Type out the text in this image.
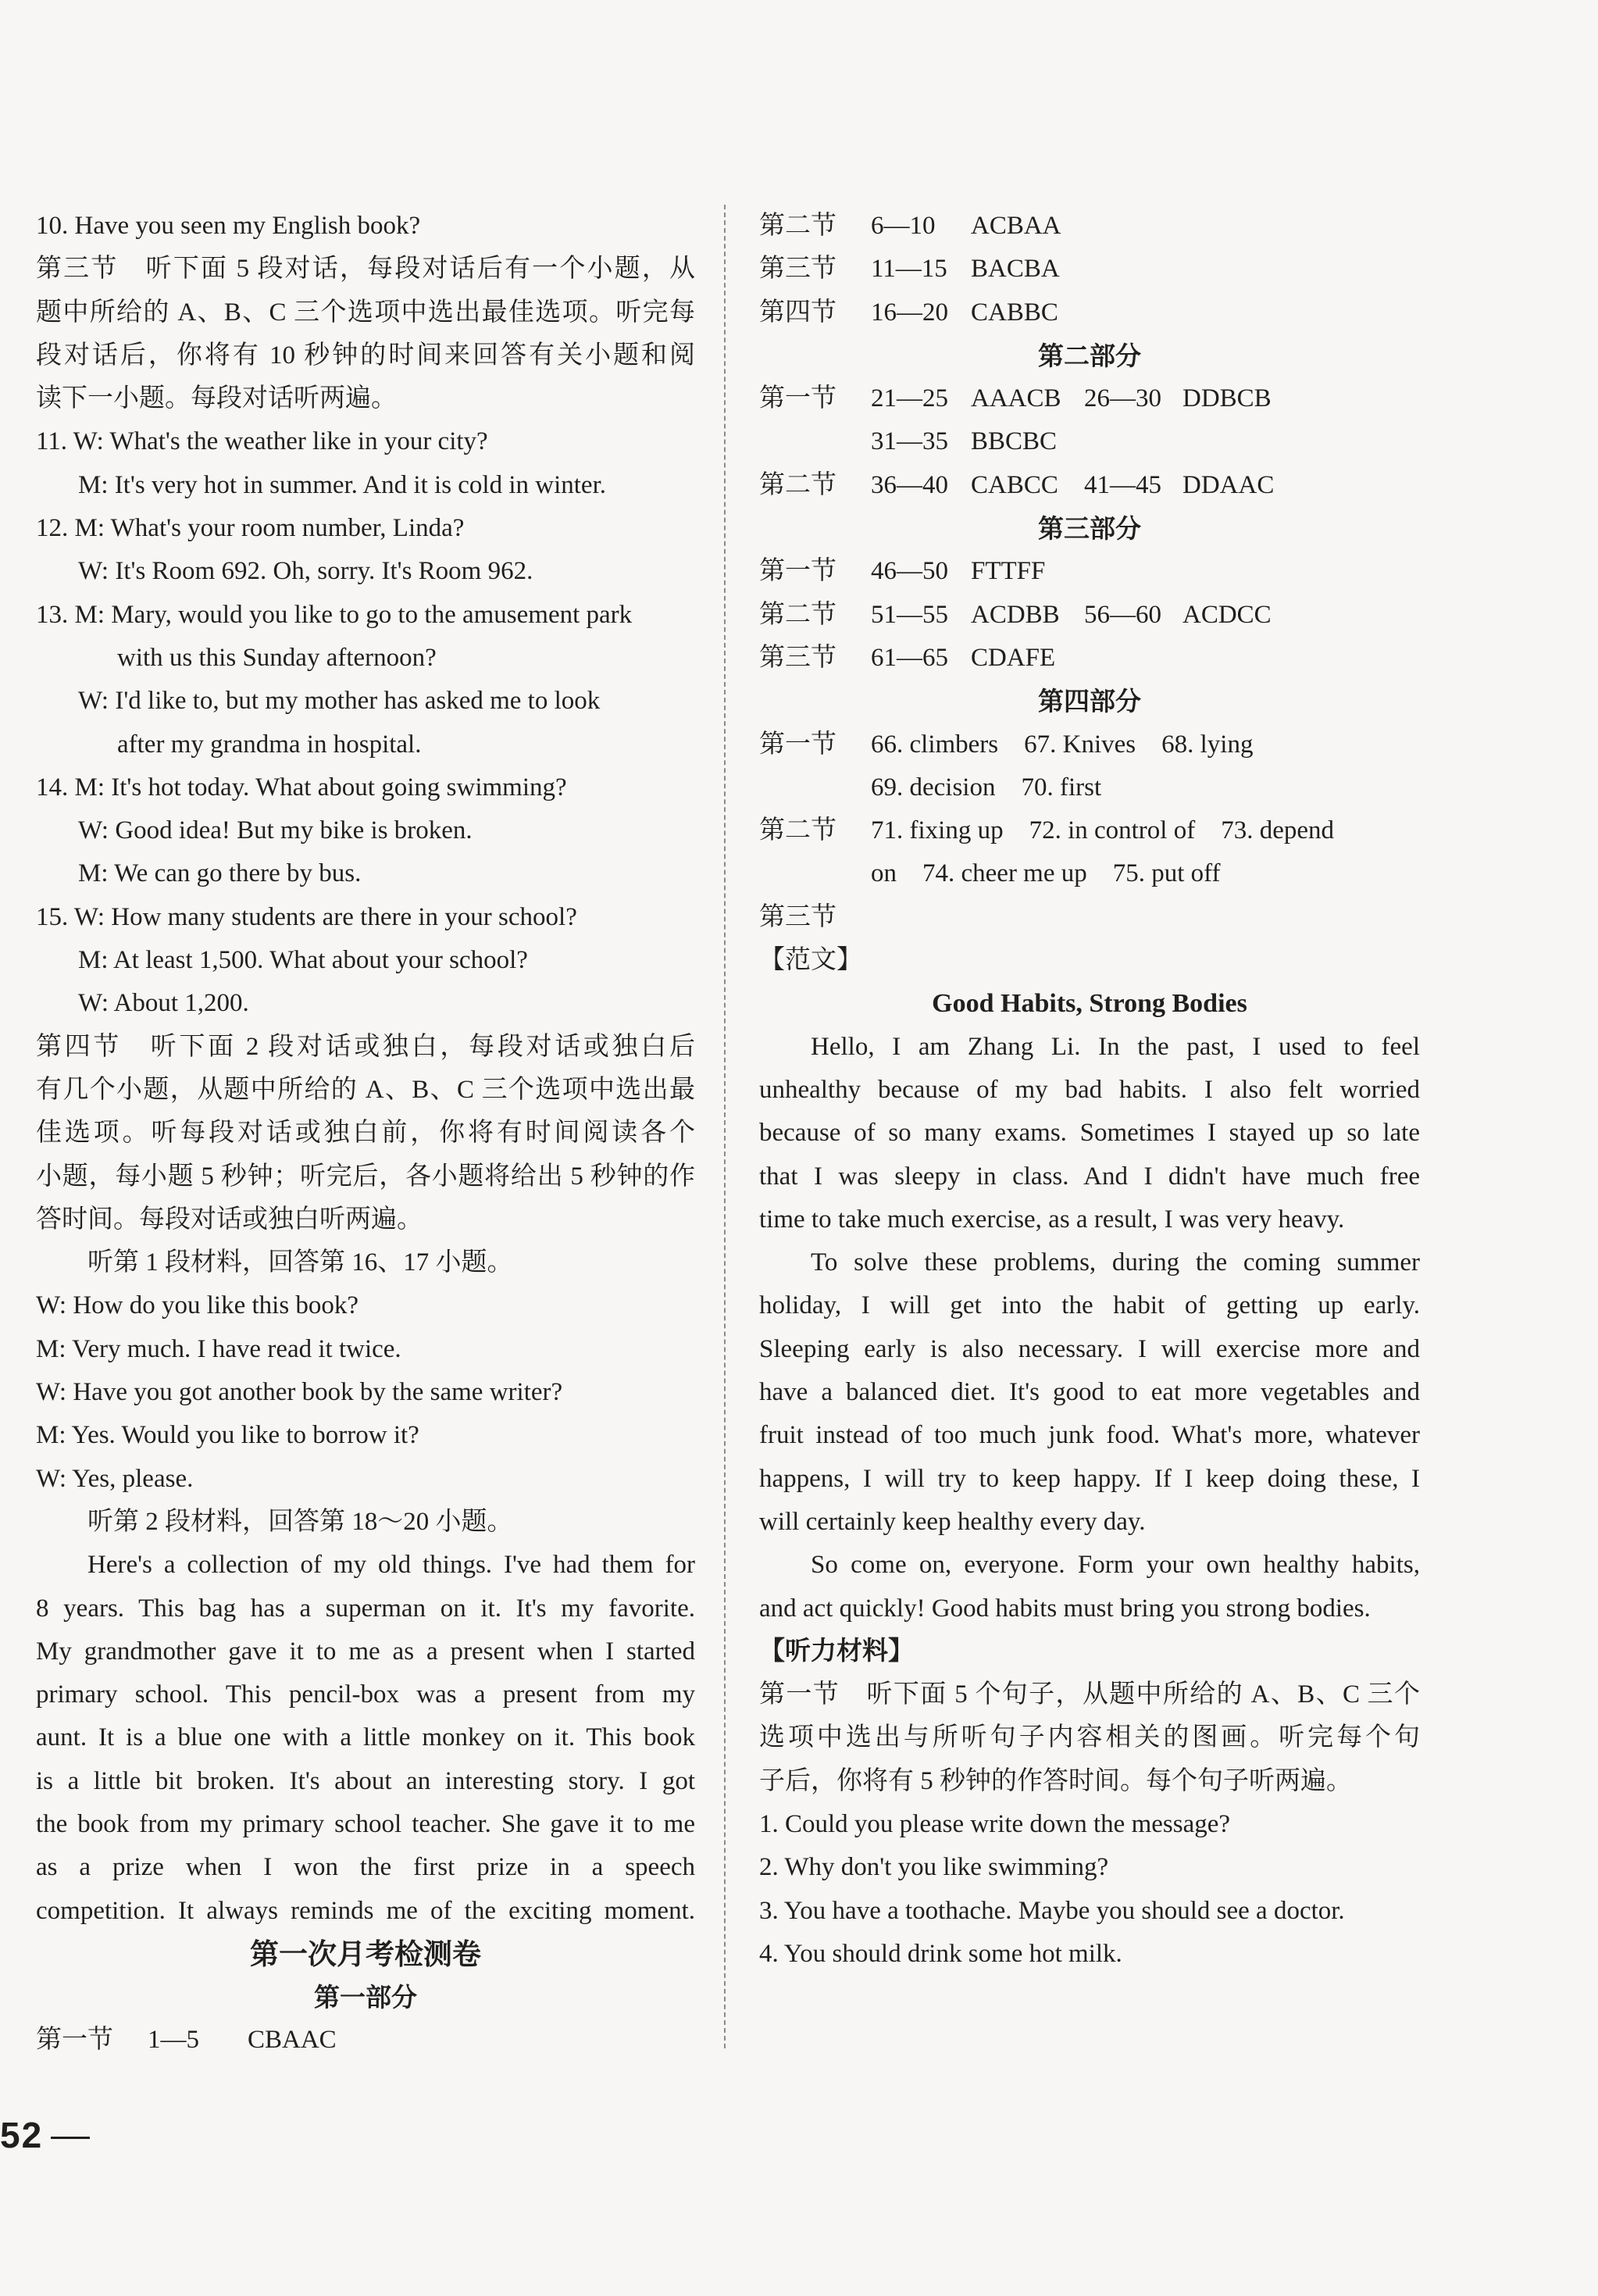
10. Have you seen my English book?
第三节　听下面 5 段对话，每段对话后有一个小题，从
题中所给的 A、B、C 三个选项中选出最佳选项。听完每
段对话后，你将有 10 秒钟的时间来回答有关小题和阅
读下一小题。每段对话听两遍。
11. W: What's the weather like in your city?
M: It's very hot in summer. And it is cold in winter.
12. M: What's your room number, Linda?
W: It's Room 692. Oh, sorry. It's Room 962.
13. M: Mary, would you like to go to the amusement park
with us this Sunday afternoon?
W: I'd like to, but my mother has asked me to look
after my grandma in hospital.
14. M: It's hot today. What about going swimming?
W: Good idea! But my bike is broken.
M: We can go there by bus.
15. W: How many students are there in your school?
M: At least 1,500. What about your school?
W: About 1,200.
第四节　听下面 2 段对话或独白，每段对话或独白后
有几个小题，从题中所给的 A、B、C 三个选项中选出最
佳选项。听每段对话或独白前，你将有时间阅读各个
小题，每小题 5 秒钟；听完后，各小题将给出 5 秒钟的作
答时间。每段对话或独白听两遍。
听第 1 段材料，回答第 16、17 小题。
W: How do you like this book?
M: Very much. I have read it twice.
W: Have you got another book by the same writer?
M: Yes. Would you like to borrow it?
W: Yes, please.
听第 2 段材料，回答第 18～20 小题。
Here's a collection of my old things. I've had them for
8 years. This bag has a superman on it. It's my favorite.
My grandmother gave it to me as a present when I started
primary school. This pencil-box was a present from my
aunt. It is a blue one with a little monkey on it. This book
is a little bit broken. It's about an interesting story. I got
the book from my primary school teacher. She gave it to me
as a prize when I won the first prize in a speech
competition. It always reminds me of the exciting moment.
第一次月考检测卷
第一部分
第一节 1—5 CBAAC
第二节 6—10 ACBAA
第三节 11—15 BACBA
第四节 16—20 CABBC
第二部分
第一节 21—25 AAACB 26—30 DDBCB
31—35 BBCBC
第二节 36—40 CABCC 41—45 DDAAC
第三部分
第一节 46—50 FTTFF
第二节 51—55 ACDBB 56—60 ACDCC
第三节 61—65 CDAFE
第四部分
第一节 66. climbers　67. Knives　68. lying
69. decision　70. first
第二节 71. fixing up　72. in control of　73. depend
on　74. cheer me up　75. put off
第三节
【范文】
Good Habits, Strong Bodies
Hello, I am Zhang Li. In the past, I used to feel
unhealthy because of my bad habits. I also felt worried
because of so many exams. Sometimes I stayed up so late
that I was sleepy in class. And I didn't have much free
time to take much exercise, as a result, I was very heavy.
To solve these problems, during the coming summer
holiday, I will get into the habit of getting up early.
Sleeping early is also necessary. I will exercise more and
have a balanced diet. It's good to eat more vegetables and
fruit instead of too much junk food. What's more, whatever
happens, I will try to keep happy. If I keep doing these, I
will certainly keep healthy every day.
So come on, everyone. Form your own healthy habits,
and act quickly! Good habits must bring you strong bodies.
【听力材料】
第一节　听下面 5 个句子，从题中所给的 A、B、C 三个
选项中选出与所听句子内容相关的图画。听完每个句
子后，你将有 5 秒钟的作答时间。每个句子听两遍。
1. Could you please write down the message?
2. Why don't you like swimming?
3. You have a toothache. Maybe you should see a doctor.
4. You should drink some hot milk.
52
